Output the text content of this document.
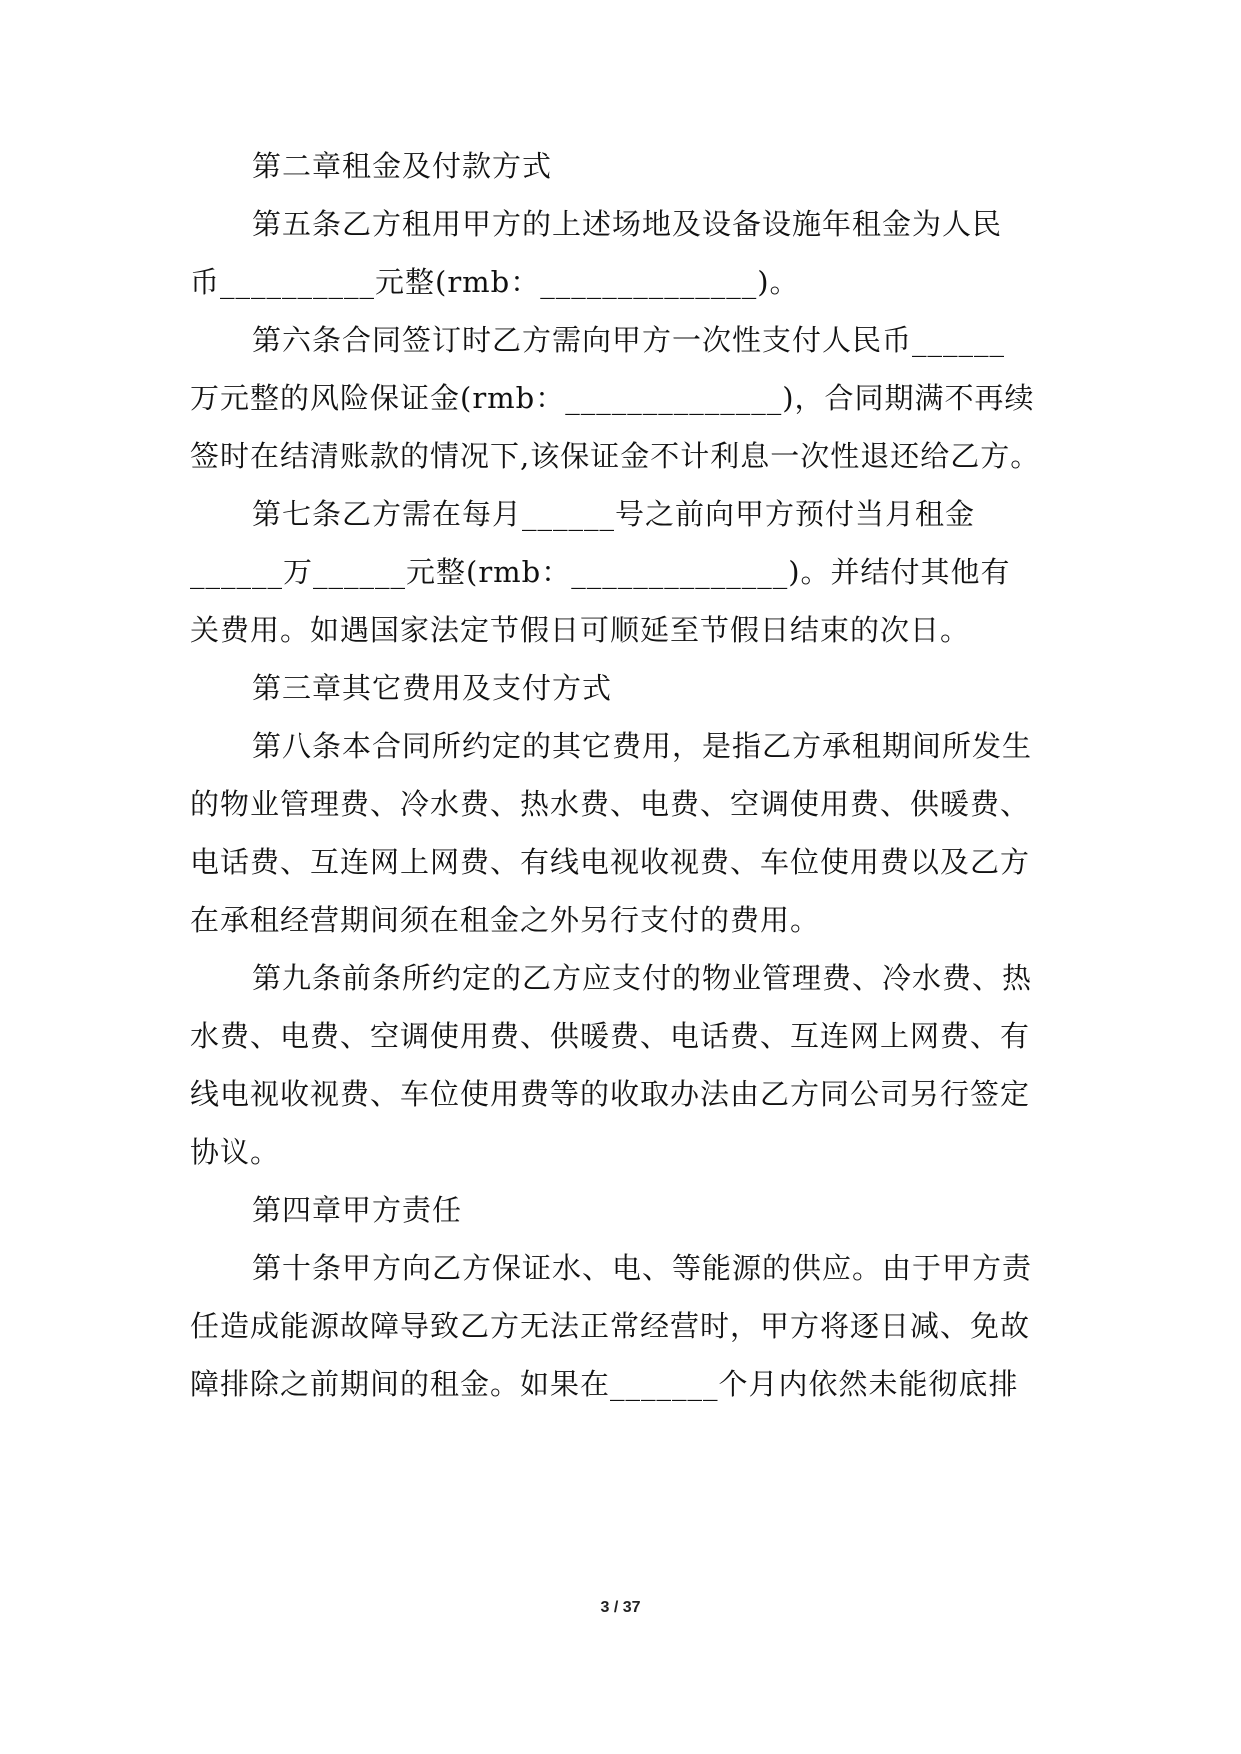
第二章租金及付款方式
第五条乙方租用甲方的上述场地及设备设施年租金为人民
币__________元整(rmb：______________)。
第六条合同签订时乙方需向甲方一次性支付人民币______
万元整的风险保证金(rmb：______________)，合同期满不再续
签时在结清账款的情况下,该保证金不计利息一次性退还给乙方。
第七条乙方需在每月______号之前向甲方预付当月租金
______万______元整(rmb：______________)。并结付其他有
关费用。如遇国家法定节假日可顺延至节假日结束的次日。
第三章其它费用及支付方式
第八条本合同所约定的其它费用，是指乙方承租期间所发生
的物业管理费、冷水费、热水费、电费、空调使用费、供暖费、
电话费、互连网上网费、有线电视收视费、车位使用费以及乙方
在承租经营期间须在租金之外另行支付的费用。
第九条前条所约定的乙方应支付的物业管理费、冷水费、热
水费、电费、空调使用费、供暖费、电话费、互连网上网费、有
线电视收视费、车位使用费等的收取办法由乙方同公司另行签定
协议。
第四章甲方责任
第十条甲方向乙方保证水、电、等能源的供应。由于甲方责
任造成能源故障导致乙方无法正常经营时，甲方将逐日减、免故
障排除之前期间的租金。如果在_______个月内依然未能彻底排
3 / 37
